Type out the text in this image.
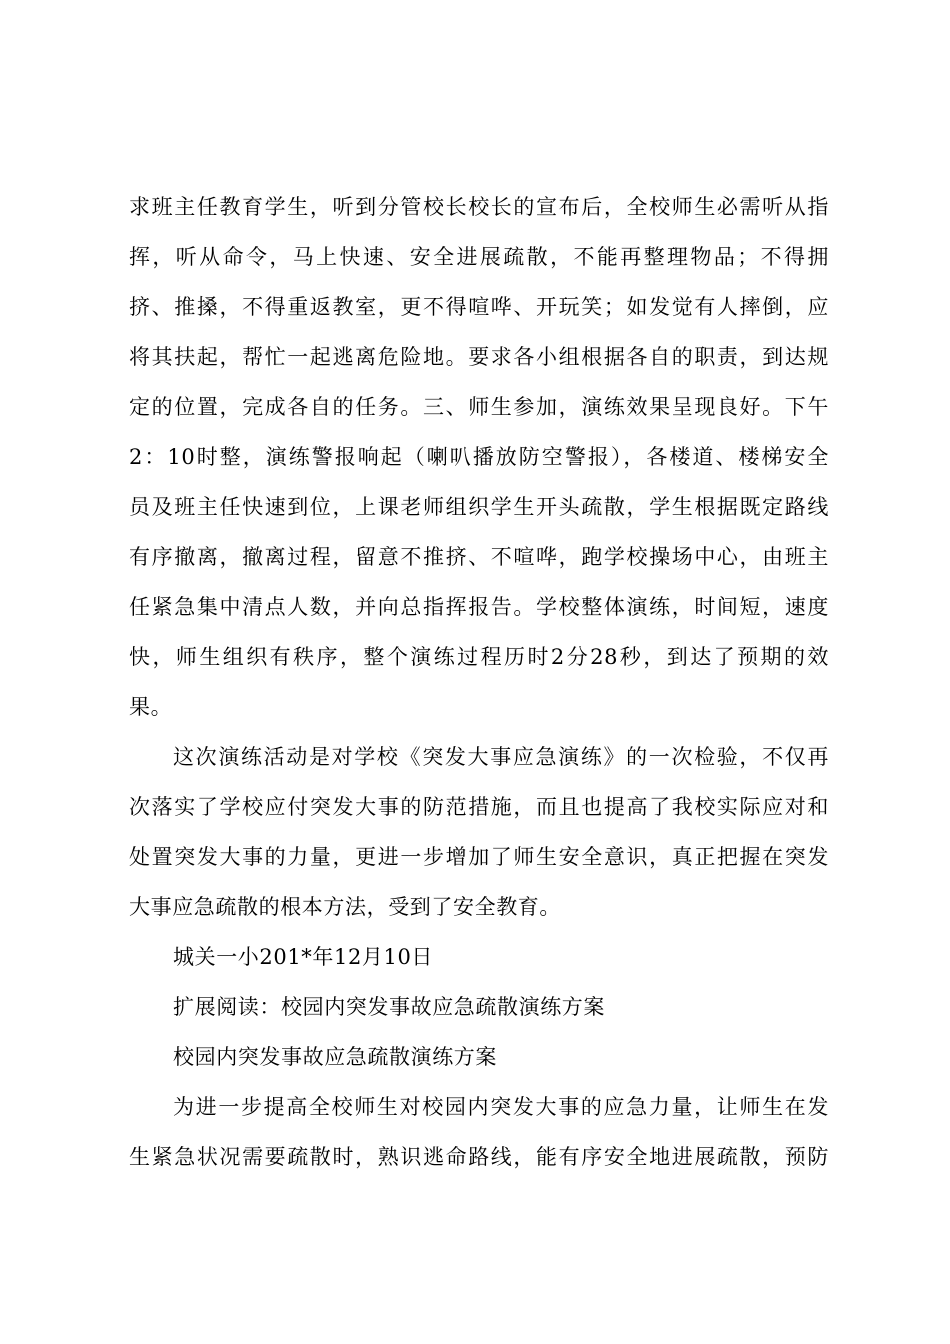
求班主任教育学生，听到分管校长校长的宣布后，全校师生必需听从指
挥，听从命令，马上快速、安全进展疏散，不能再整理物品；不得拥
挤、推搡，不得重返教室，更不得喧哗、开玩笑；如发觉有人摔倒，应
将其扶起，帮忙一起逃离危险地。要求各小组根据各自的职责，到达规
定的位置，完成各自的任务。三、师生参加，演练效果呈现良好。下午
2：10时整，演练警报响起（喇叭播放防空警报），各楼道、楼梯安全
员及班主任快速到位，上课老师组织学生开头疏散，学生根据既定路线
有序撤离，撤离过程，留意不推挤、不喧哗，跑学校操场中心，由班主
任紧急集中清点人数，并向总指挥报告。学校整体演练，时间短，速度
快，师生组织有秩序，整个演练过程历时2分28秒，到达了预期的效
果。
这次演练活动是对学校《突发大事应急演练》的一次检验，不仅再
次落实了学校应付突发大事的防范措施，而且也提高了我校实际应对和
处置突发大事的力量，更进一步增加了师生安全意识，真正把握在突发
大事应急疏散的根本方法，受到了安全教育。
城关一小201*年12月10日
扩展阅读：校园内突发事故应急疏散演练方案
校园内突发事故应急疏散演练方案
为进一步提高全校师生对校园内突发大事的应急力量，让师生在发
生紧急状况需要疏散时，熟识逃命路线，能有序安全地进展疏散，预防
